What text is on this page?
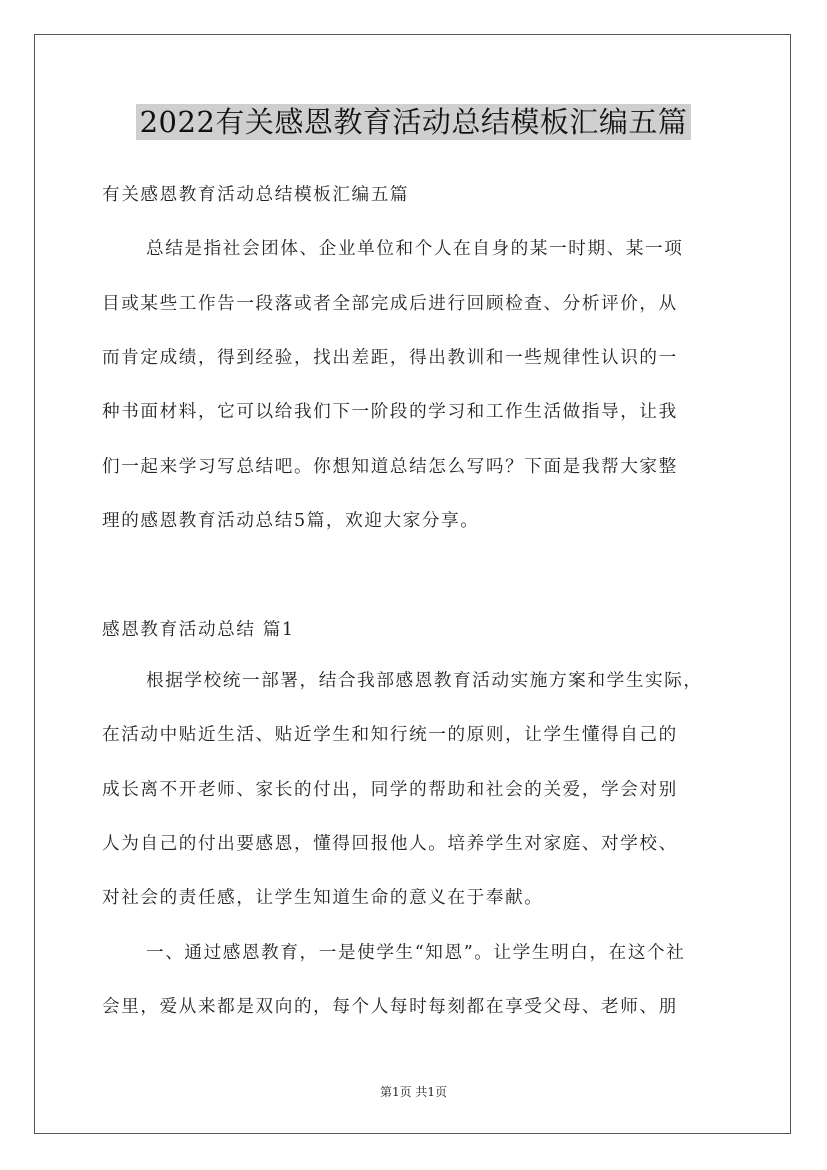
2022有关感恩教育活动总结模板汇编五篇
有关感恩教育活动总结模板汇编五篇
总结是指社会团体、企业单位和个人在自身的某一时期、某一项
目或某些工作告一段落或者全部完成后进行回顾检查、分析评价，从
而肯定成绩，得到经验，找出差距，得出教训和一些规律性认识的一
种书面材料，它可以给我们下一阶段的学习和工作生活做指导，让我
们一起来学习写总结吧。你想知道总结怎么写吗？下面是我帮大家整
理的感恩教育活动总结5篇，欢迎大家分享。
感恩教育活动总结 篇1
根据学校统一部署，结合我部感恩教育活动实施方案和学生实际，
在活动中贴近生活、贴近学生和知行统一的原则，让学生懂得自己的
成长离不开老师、家长的付出，同学的帮助和社会的关爱，学会对别
人为自己的付出要感恩，懂得回报他人。培养学生对家庭、对学校、
对社会的责任感，让学生知道生命的意义在于奉献。
一、通过感恩教育，一是使学生“知恩”。让学生明白，在这个社
会里，爱从来都是双向的，每个人每时每刻都在享受父母、老师、朋
第1页 共1页
